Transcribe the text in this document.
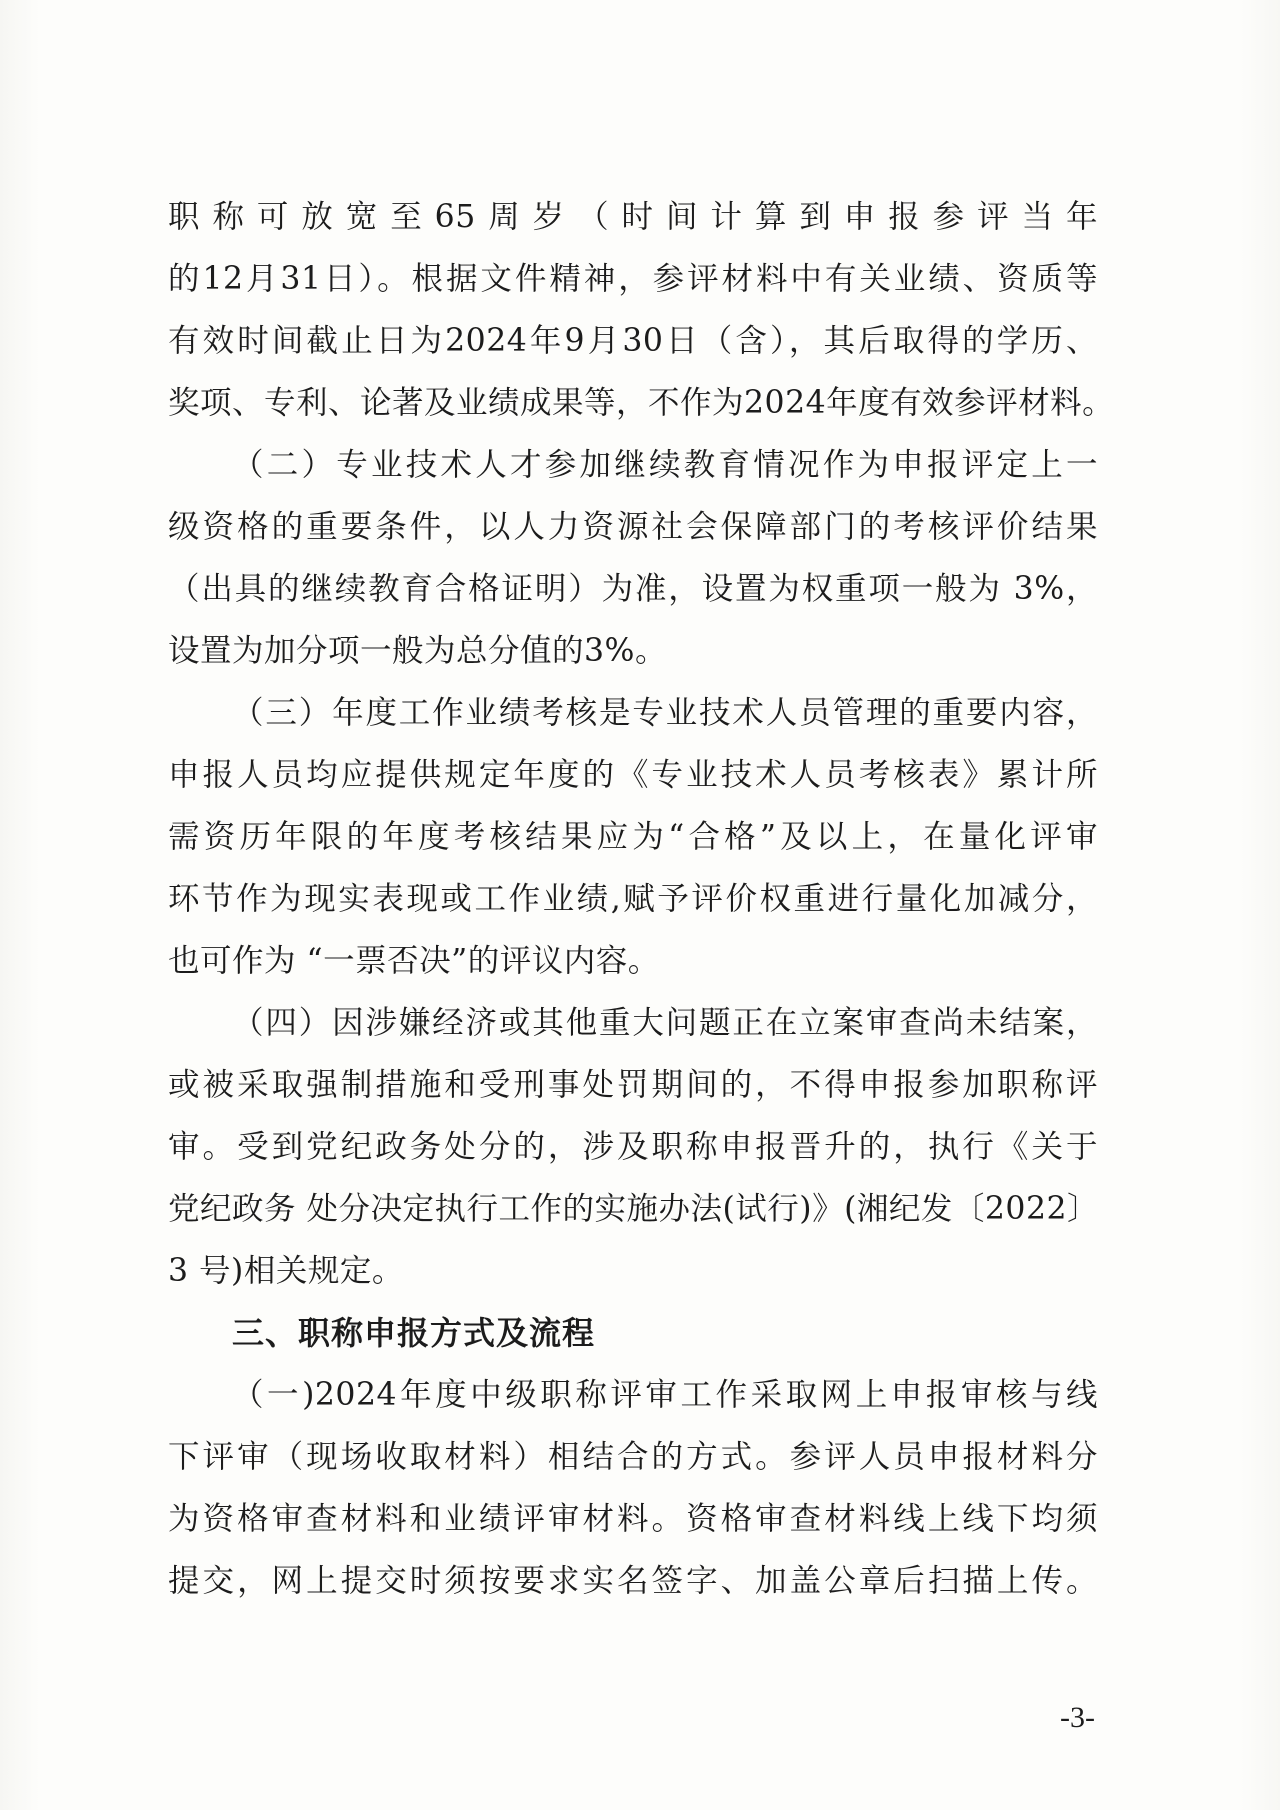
职称可放宽至65周岁（时间计算到申报参评当年
的12月31日）。根据文件精神，参评材料中有关业绩、资质等
有效时间截止日为2024年9月30日（含），其后取得的学历、
奖项、专利、论著及业绩成果等，不作为2024年度有效参评材料。
（二）专业技术人才参加继续教育情况作为申报评定上一
级资格的重要条件，以人力资源社会保障部门的考核评价结果
（出具的继续教育合格证明）为准，设置为权重项一般为 3%，
设置为加分项一般为总分值的3%。
（三）年度工作业绩考核是专业技术人员管理的重要内容，
申报人员均应提供规定年度的《专业技术人员考核表》累计所
需资历年限的年度考核结果应为“合格”及以上，在量化评审
环节作为现实表现或工作业绩,赋予评价权重进行量化加减分，
也可作为 “一票否决”的评议内容。
（四）因涉嫌经济或其他重大问题正在立案审查尚未结案，
或被采取强制措施和受刑事处罚期间的，不得申报参加职称评
审。受到党纪政务处分的，涉及职称申报晋升的，执行《关于
党纪政务 处分决定执行工作的实施办法(试行)》(湘纪发〔2022〕
3 号)相关规定。
三、职称申报方式及流程
（一)2024年度中级职称评审工作采取网上申报审核与线
下评审（现场收取材料）相结合的方式。参评人员申报材料分
为资格审查材料和业绩评审材料。资格审查材料线上线下均须
提交，网上提交时须按要求实名签字、加盖公章后扫描上传。
-3-
